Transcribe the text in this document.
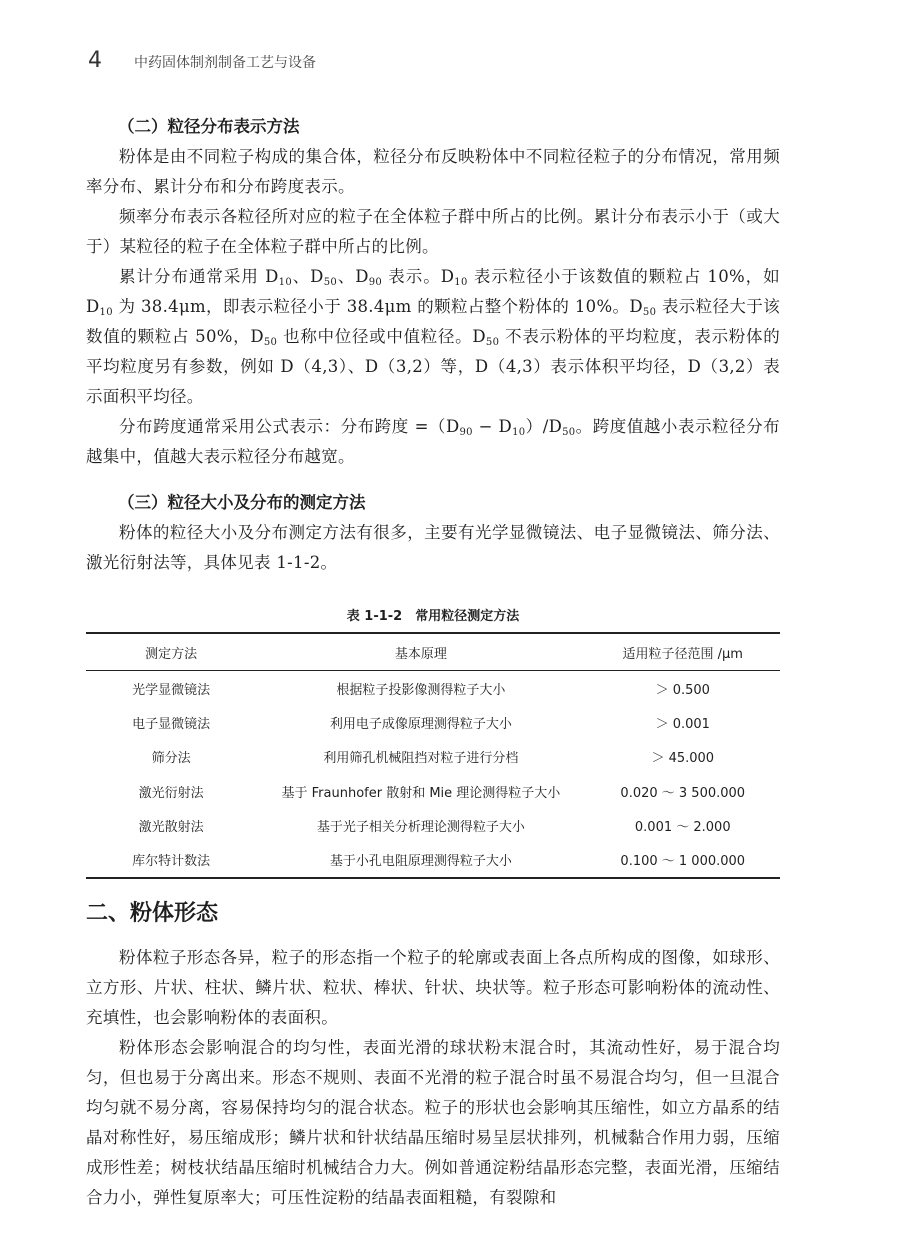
4 中药固体制剂制备工艺与设备
（二）粒径分布表示方法

粉体是由不同粒子构成的集合体，粒径分布反映粉体中不同粒径粒子的分布情况，常用频率分布、累计分布和分布跨度表示。

频率分布表示各粒径所对应的粒子在全体粒子群中所占的比例。累计分布表示小于（或大于）某粒径的粒子在全体粒子群中所占的比例。

累计分布通常采用 $D_{10}$、$D_{50}$、$D_{90}$ 表示。$D_{10}$ 表示粒径小于该数值的颗粒占 10%，如 $D_{10}$ 为 38.4μm，即表示粒径小于 38.4μm 的颗粒占整个粉体的 10%。$D_{50}$ 表示粒径大于该数值的颗粒占 50%，$D_{50}$ 也称中位径或中值粒径。$D_{50}$ 不表示粉体的平均粒度，表示粉体的平均粒度另有参数，例如 D（4,3）、D（3,2）等，D（4,3）表示体积平均径，D（3,2）表示面积平均径。

分布跨度通常采用公式表示：分布跨度 $=(D_{90} - D_{10})/D_{50}$。跨度值越小表示粒径分布越集中，值越大表示粒径分布越宽。

（三）粒径大小及分布的测定方法

粉体的粒径大小及分布测定方法有很多，主要有光学显微镜法、电子显微镜法、筛分法、激光衍射法等，具体见表 1-1-2。

表 1-1-2　常用粒径测定方法
测定方法	基本原理	适用粒子径范围 /μm
光学显微镜法	根据粒子投影像测得粒子大小	＞ 0.500
电子显微镜法	利用电子成像原理测得粒子大小	＞ 0.001
筛分法	利用筛孔机械阻挡对粒子进行分档	＞ 45.000
激光衍射法	基于 Fraunhofer 散射和 Mie 理论测得粒子大小	0.020 ～ 3 500.000
激光散射法	基于光子相关分析理论测得粒子大小	0.001 ～ 2.000
库尔特计数法	基于小孔电阻原理测得粒子大小	0.100 ～ 1 000.000
二、粉体形态

粉体粒子形态各异，粒子的形态指一个粒子的轮廓或表面上各点所构成的图像，如球形、立方形、片状、柱状、鳞片状、粒状、棒状、针状、块状等。粒子形态可影响粉体的流动性、充填性，也会影响粉体的表面积。

粉体形态会影响混合的均匀性，表面光滑的球状粉末混合时，其流动性好，易于混合均匀，但也易于分离出来。形态不规则、表面不光滑的粒子混合时虽不易混合均匀，但一旦混合均匀就不易分离，容易保持均匀的混合状态。粒子的形状也会影响其压缩性，如立方晶系的结晶对称性好，易压缩成形；鳞片状和针状结晶压缩时易呈层状排列，机械黏合作用力弱，压缩成形性差；树枝状结晶压缩时机械结合力大。例如普通淀粉结晶形态完整，表面光滑，压缩结合力小，弹性复原率大；可压性淀粉的结晶表面粗糙，有裂隙和
